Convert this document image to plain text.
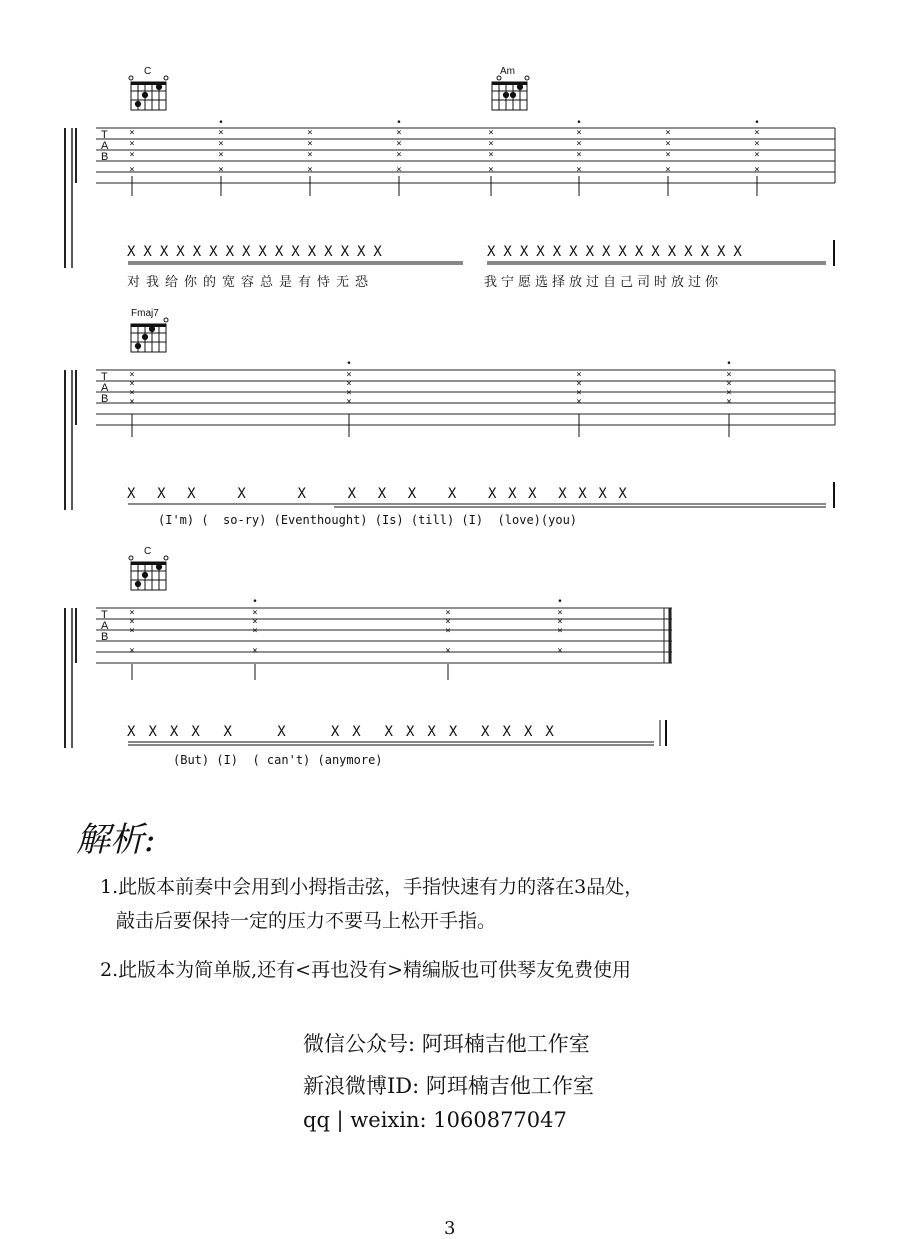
C
×
×
×
×
•
×
×
×
×
×
×
×
×
•
×
×
×
×
×
×
×
×
•
×
×
×
×
×
×
×
×
•
×
×
×
×
Am
T
A
B
XXXXXXXXXXXXXXXX	XXXXXXXXXXXXXXXX
对我给你的宽容总是有恃无恐	我宁愿选择放过自己司时放过你
Fmaj7
×
×
×
×
•
×
×
×
×
×
×
×
×
•
×
×
×
×
T
A
B
X  X  X    X     X    X  X  X   X   X X X  X X X X
(I'm) (  so-ry) (Eventhought) (Is) (till) (I)  (love)(you)
C
×
×
×
×
•
×
×
×
×
×
×
×
×
•
×
×
×
×
T
A
B
X X X X  X    X    X X  X X X X  X X X X
(But) (I)  ( can't) (anymore)
解析:
1.此版本前奏中会用到小拇指击弦，手指快速有力的落在3品处，
敲击后要保持一定的压力不要马上松开手指。
2.此版本为简单版,还有<再也没有>精编版也可供琴友免费使用
微信公众号: 阿珥楠吉他工作室
新浪微博ID: 阿珥楠吉他工作室
qq | weixin: 1060877047
3
